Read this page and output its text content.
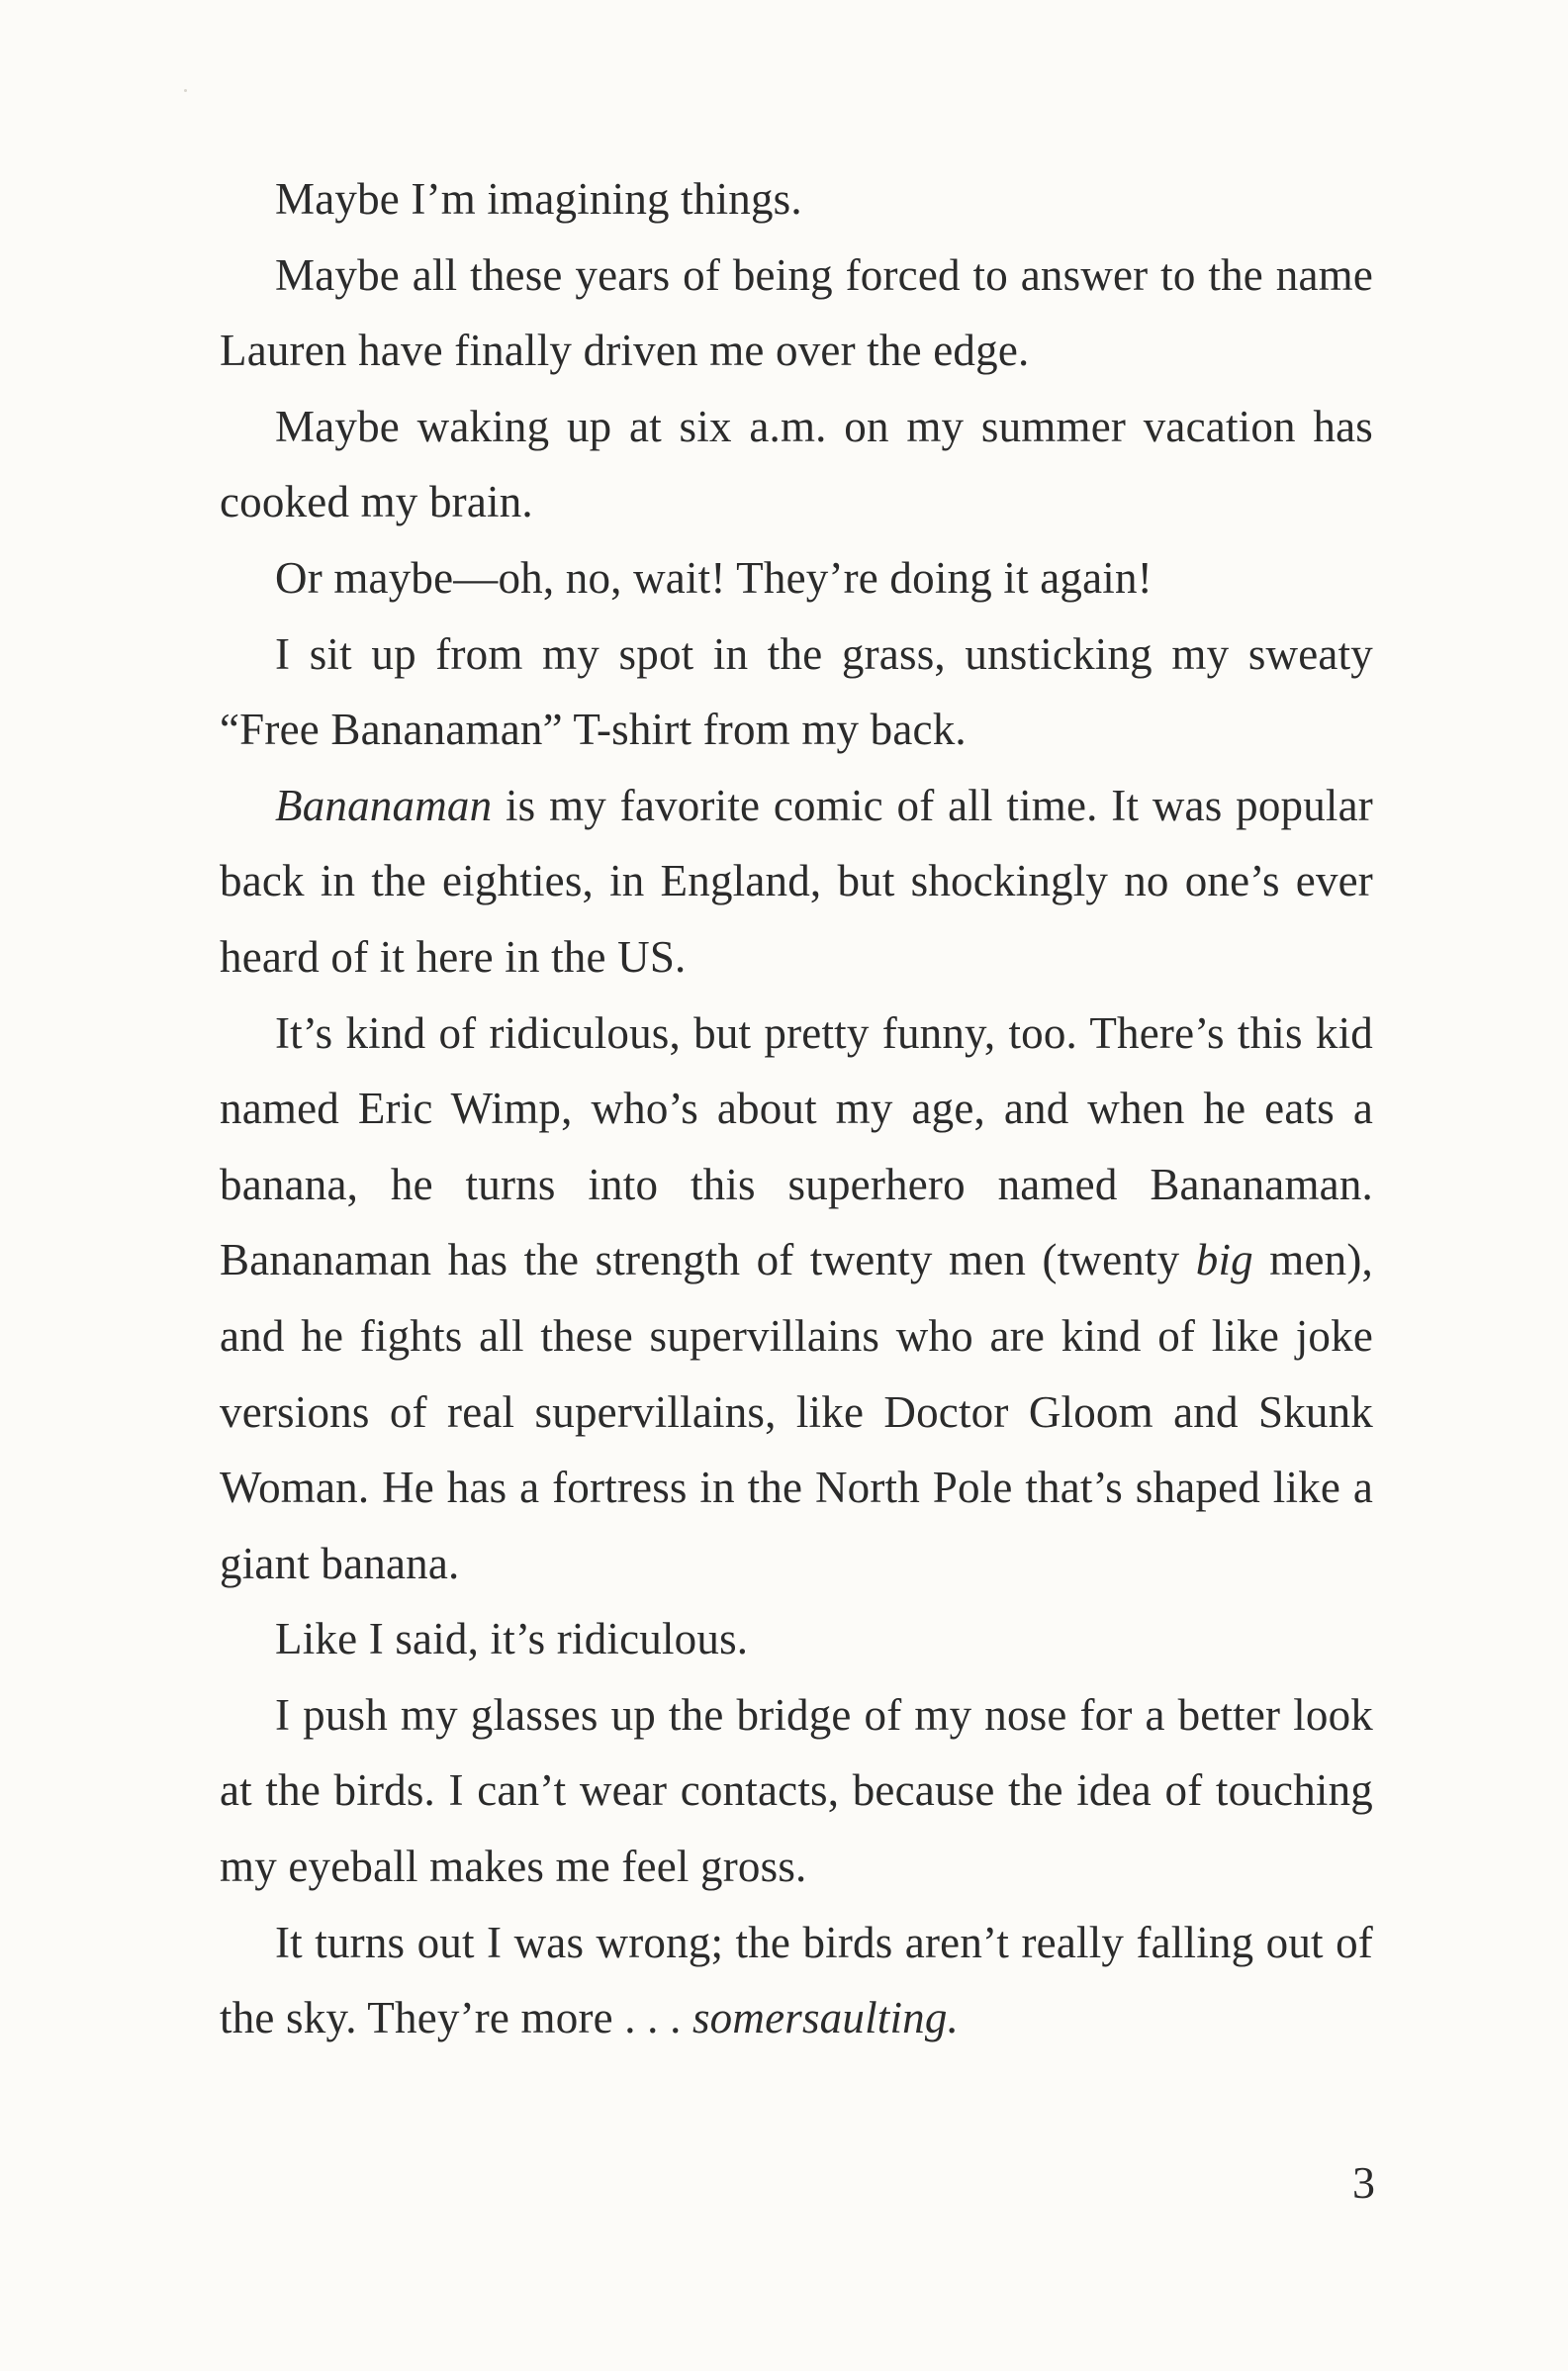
Maybe I’m imagining things.

Maybe all these years of being forced to answer to the name Lauren have finally driven me over the edge.

Maybe waking up at six a.m. on my summer vacation has cooked my brain.

Or maybe—oh, no, wait! They’re doing it again!

I sit up from my spot in the grass, unsticking my sweaty “Free Bananaman” T-shirt from my back.

Bananaman is my favorite comic of all time. It was popular back in the eighties, in England, but shockingly no one’s ever heard of it here in the US.

It’s kind of ridiculous, but pretty funny, too. There’s this kid named Eric Wimp, who’s about my age, and when he eats a banana, he turns into this superhero named Bananaman. Bananaman has the strength of twenty men (twenty big men), and he fights all these supervillains who are kind of like joke versions of real supervillains, like Doctor Gloom and Skunk Woman. He has a fortress in the North Pole that’s shaped like a giant banana.

Like I said, it’s ridiculous.

I push my glasses up the bridge of my nose for a better look at the birds. I can’t wear contacts, because the idea of touching my eyeball makes me feel gross.

It turns out I was wrong; the birds aren’t really falling out of the sky. They’re more . . . somersaulting.

3
